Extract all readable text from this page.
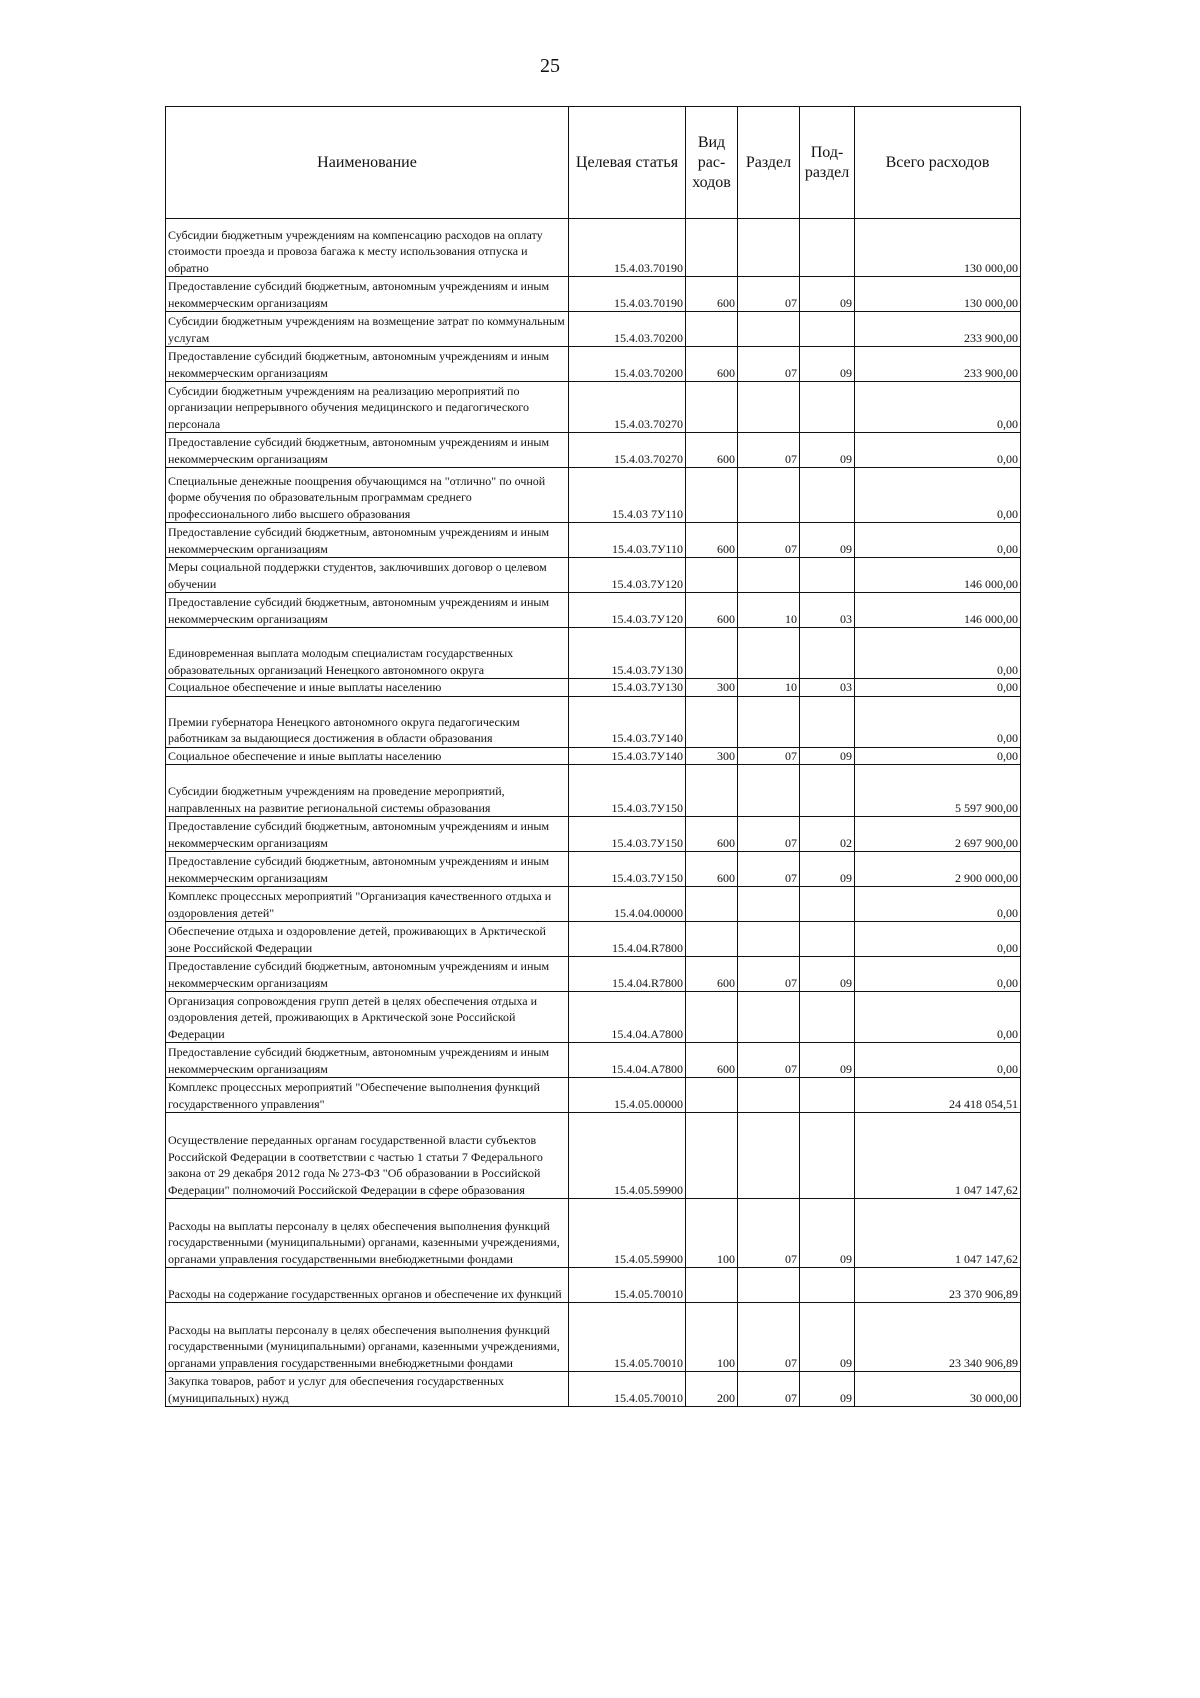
25
Наименование	Целевая статья	Вид рас-ходов	Раздел	Под-раздел	Всего расходов
Субсидии бюджетным учреждениям на компенсацию расходов на оплату стоимости проезда и провоза багажа к месту использования отпуска и обратно	15.4.03.70190				130 000,00
Предоставление субсидий бюджетным, автономным учреждениям и иным некоммерческим организациям	15.4.03.70190	600	07	09	130 000,00
Субсидии бюджетным учреждениям на возмещение затрат по коммунальным услугам	15.4.03.70200				233 900,00
Предоставление субсидий бюджетным, автономным учреждениям и иным некоммерческим организациям	15.4.03.70200	600	07	09	233 900,00
Субсидии бюджетным учреждениям на реализацию мероприятий по организации непрерывного обучения медицинского и педагогического персонала	15.4.03.70270				0,00
Предоставление субсидий бюджетным, автономным учреждениям и иным некоммерческим организациям	15.4.03.70270	600	07	09	0,00
Специальные денежные поощрения обучающимся на "отлично" по очной форме обучения по образовательным программам среднего профессионального либо высшего образования	15.4.03 7У110				0,00
Предоставление субсидий бюджетным, автономным учреждениям и иным некоммерческим организациям	15.4.03.7У110	600	07	09	0,00
Меры социальной поддержки студентов, заключивших договор о целевом обучении	15.4.03.7У120				146 000,00
Предоставление субсидий бюджетным, автономным учреждениям и иным некоммерческим организациям	15.4.03.7У120	600	10	03	146 000,00
Единовременная выплата молодым специалистам государственных образовательных организаций Ненецкого автономного округа	15.4.03.7У130				0,00
Социальное обеспечение и иные выплаты населению	15.4.03.7У130	300	10	03	0,00
Премии губернатора Ненецкого автономного округа педагогическим работникам за выдающиеся достижения в области образования	15.4.03.7У140				0,00
Социальное обеспечение и иные выплаты населению	15.4.03.7У140	300	07	09	0,00
Субсидии бюджетным учреждениям на проведение мероприятий, направленных на развитие региональной системы образования	15.4.03.7У150				5 597 900,00
Предоставление субсидий бюджетным, автономным учреждениям и иным некоммерческим организациям	15.4.03.7У150	600	07	02	2 697 900,00
Предоставление субсидий бюджетным, автономным учреждениям и иным некоммерческим организациям	15.4.03.7У150	600	07	09	2 900 000,00
Комплекс процессных мероприятий "Организация качественного отдыха и оздоровления детей"	15.4.04.00000				0,00
Обеспечение отдыха и оздоровление детей, проживающих в Арктической зоне Российской Федерации	15.4.04.R7800				0,00
Предоставление субсидий бюджетным, автономным учреждениям и иным некоммерческим организациям	15.4.04.R7800	600	07	09	0,00
Организация сопровождения групп детей в целях обеспечения отдыха и оздоровления детей, проживающих в Арктической зоне Российской Федерации	15.4.04.A7800				0,00
Предоставление субсидий бюджетным, автономным учреждениям и иным некоммерческим организациям	15.4.04.A7800	600	07	09	0,00
Комплекс процессных мероприятий "Обеспечение выполнения функций государственного управления"	15.4.05.00000				24 418 054,51
Осуществление переданных органам государственной власти субъектов Российской Федерации в соответствии с частью 1 статьи 7 Федерального закона от 29 декабря 2012 года № 273-ФЗ "Об образовании в Российской Федерации" полномочий Российской Федерации в сфере образования	15.4.05.59900				1 047 147,62
Расходы на выплаты персоналу в целях обеспечения выполнения функций государственными (муниципальными) органами, казенными учреждениями, органами управления государственными внебюджетными фондами	15.4.05.59900	100	07	09	1 047 147,62
Расходы на содержание государственных органов и обеспечение их функций	15.4.05.70010				23 370 906,89
Расходы на выплаты персоналу в целях обеспечения выполнения функций государственными (муниципальными) органами, казенными учреждениями, органами управления государственными внебюджетными фондами	15.4.05.70010	100	07	09	23 340 906,89
Закупка товаров, работ и услуг для обеспечения государственных (муниципальных) нужд	15.4.05.70010	200	07	09	30 000,00
